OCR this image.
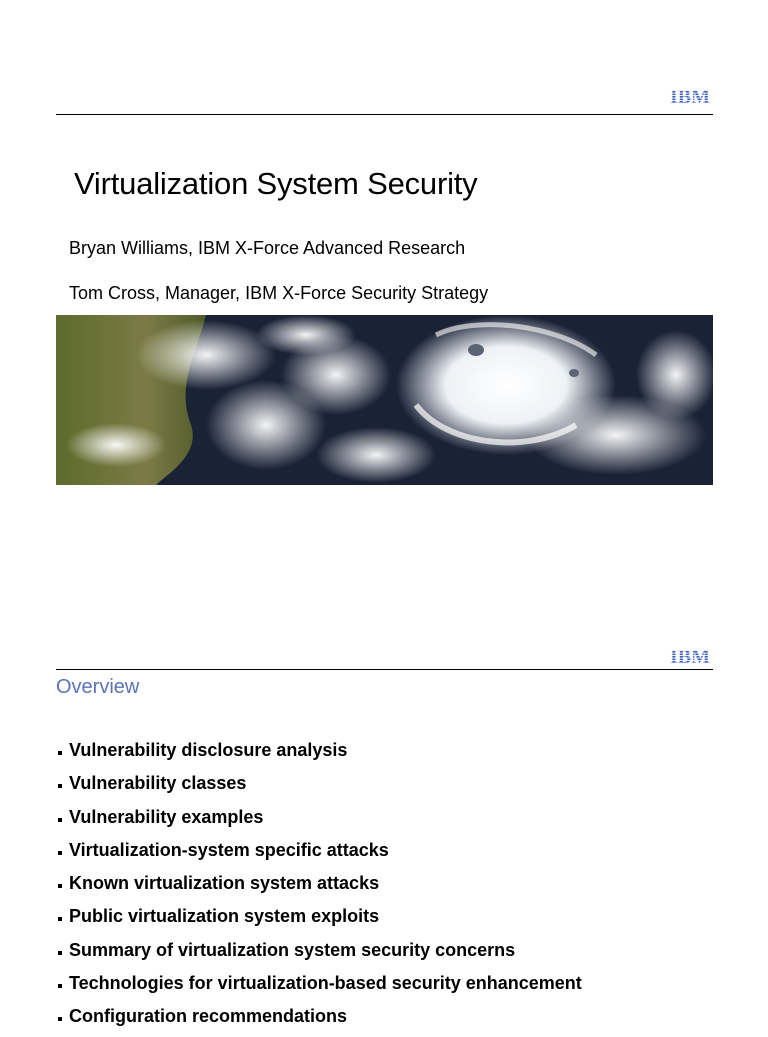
IBM
Virtualization System Security
Bryan Williams, IBM X-Force Advanced Research
Tom Cross, Manager, IBM X-Force Security Strategy
IBM
Overview
Vulnerability disclosure analysis
Vulnerability classes
Vulnerability examples
Virtualization-system specific attacks
Known virtualization system attacks
Public virtualization system exploits
Summary of virtualization system security concerns
Technologies for virtualization-based security enhancement
Configuration recommendations
